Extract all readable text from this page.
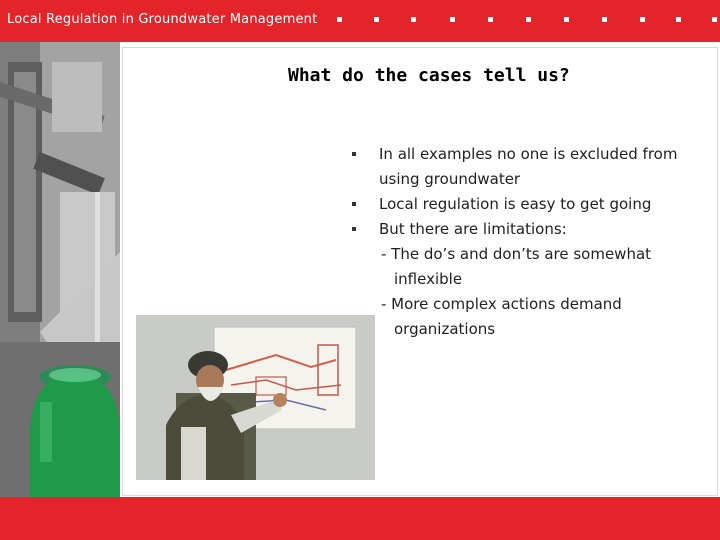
Local Regulation in Groundwater Management
What do the cases tell us?
In all examples no one is excluded from using groundwater
Local regulation is easy to get going
But there are limitations:
- The do’s and don’ts are somewhat inflexible
- More complex actions demand organizations
